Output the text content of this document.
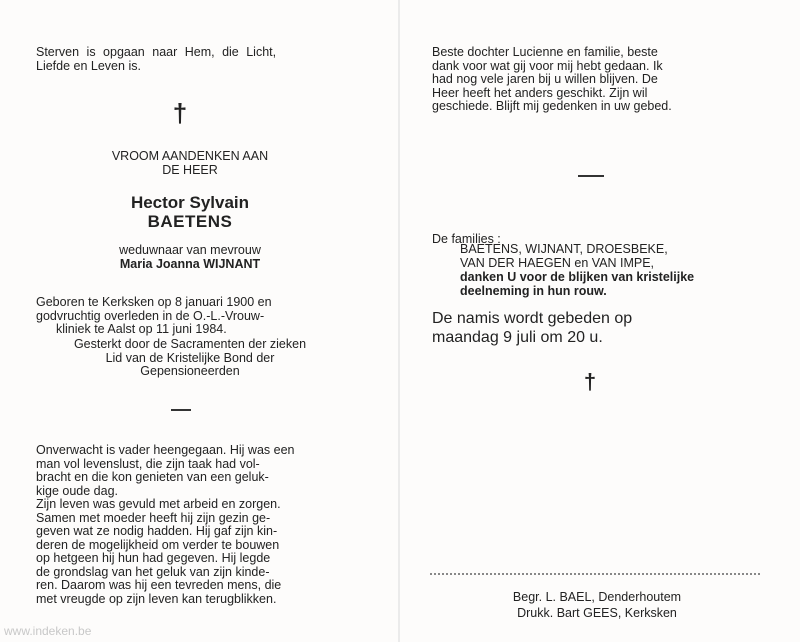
Sterven is opgaan naar Hem, die Licht,
Liefde en Leven is.
†
VROOM AANDENKEN AAN
DE HEER
Hector Sylvain
BAETENS
weduwnaar van mevrouw
Maria Joanna WIJNANT
Geboren te Kerksken op 8 januari 1900 en
godvruchtig overleden in de O.-L.-Vrouw-
kliniek te Aalst op 11 juni 1984.
Gesterkt door de Sacramenten der zieken
Lid van de Kristelijke Bond der
Gepensioneerden
Onverwacht is vader heengegaan. Hij was een
man vol levenslust, die zijn taak had vol-
bracht en die kon genieten van een geluk-
kige oude dag.
Zijn leven was gevuld met arbeid en zorgen.
Samen met moeder heeft hij zijn gezin ge-
geven wat ze nodig hadden. Hij gaf zijn kin-
deren de mogelijkheid om verder te bouwen
op hetgeen hij hun had gegeven. Hij legde
de grondslag van het geluk van zijn kinde-
ren. Daarom was hij een tevreden mens, die
met vreugde op zijn leven kan terugblikken.
www.indeken.be
Beste dochter Lucienne en familie, beste
dank voor wat gij voor mij hebt gedaan. Ik
had nog vele jaren bij u willen blijven. De
Heer heeft het anders geschikt. Zijn wil
geschiede. Blijft mij gedenken in uw gebed.
De families :
BAETENS, WIJNANT, DROESBEKE,
VAN DER HAEGEN en VAN IMPE,
danken U voor de blijken van kristelijke
deelneming in hun rouw.
De namis wordt gebeden op
maandag 9 juli om 20 u.
†
Begr. L. BAEL, Denderhoutem
Drukk. Bart GEES, Kerksken
